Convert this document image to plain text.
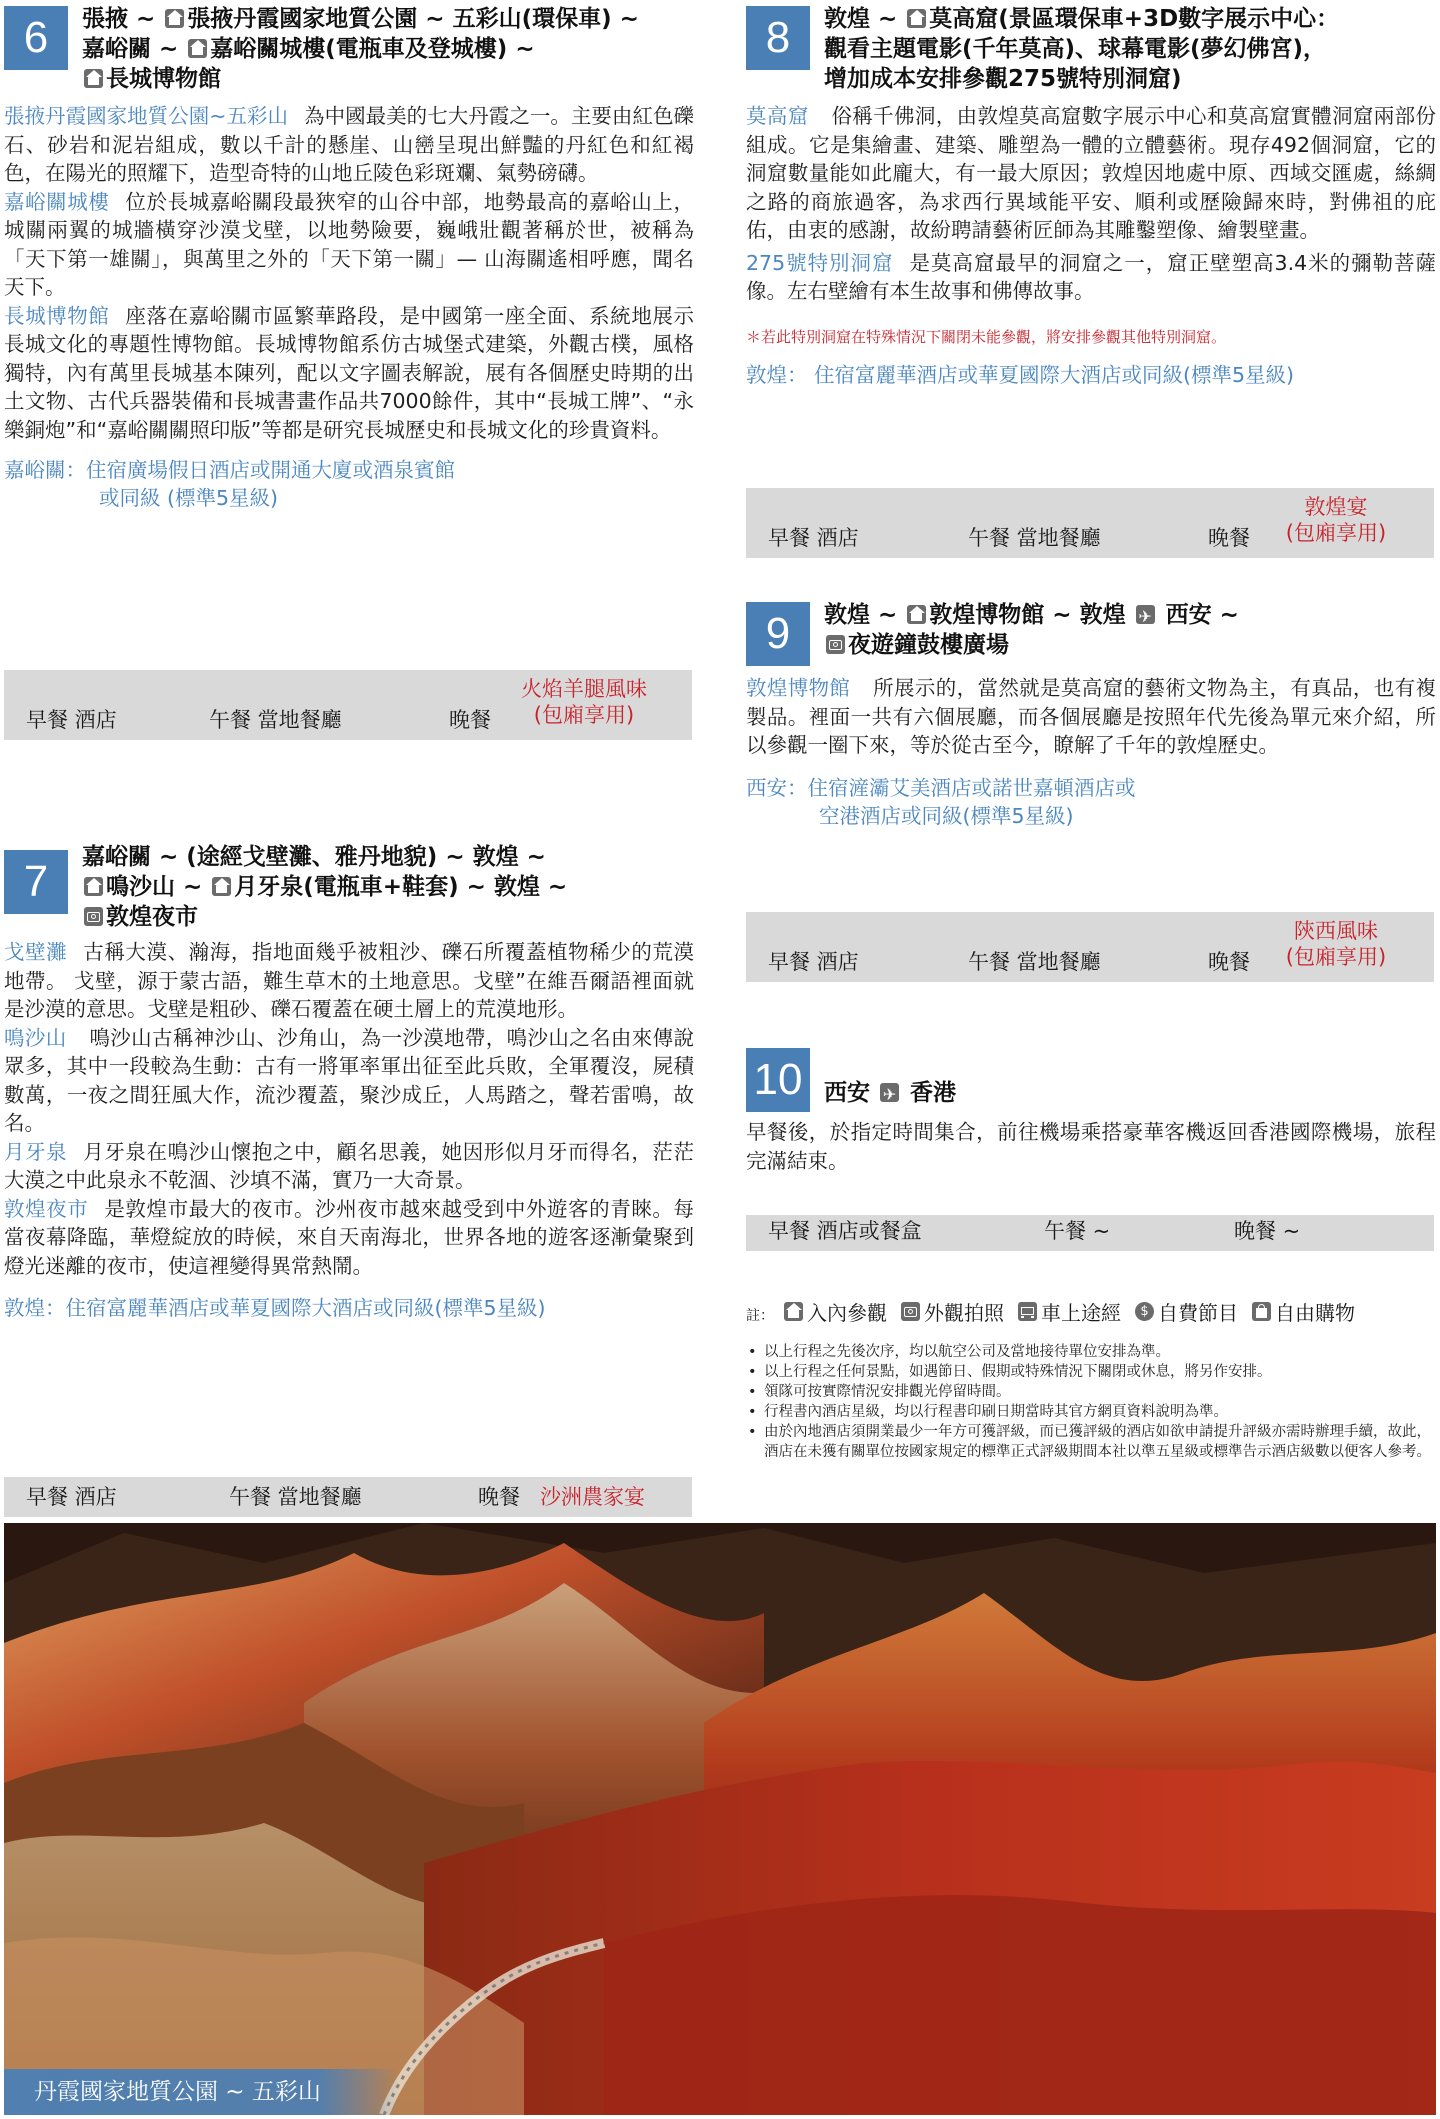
6	張掖 ~ 張掖丹霞國家地質公園 ~ 五彩山(環保車) ~
嘉峪關 ~ 嘉峪關城樓(電瓶車及登城樓) ~
長城博物館

張掖丹霞國家地質公園~五彩山 為中國最美的七大丹霞之一。主要由紅色礫石、砂岩和泥岩組成，數以千計的懸崖、山巒呈現出鮮豔的丹紅色和紅褐色，在陽光的照耀下，造型奇特的山地丘陵色彩斑斕、氣勢磅礴。

嘉峪關城樓 位於長城嘉峪關段最狹窄的山谷中部，地勢最高的嘉峪山上，城關兩翼的城牆橫穿沙漠戈壁，以地勢險要，巍峨壯觀著稱於世，被稱為「天下第一雄關」，與萬里之外的「天下第一關」— 山海關遙相呼應，聞名天下。

長城博物館 座落在嘉峪關市區繁華路段，是中國第一座全面、系統地展示長城文化的專題性博物館。長城博物館系仿古城堡式建築，外觀古樸，風格獨特，內有萬里長城基本陳列，配以文字圖表解說，展有各個歷史時期的出土文物、古代兵器裝備和長城書畫作品共7000餘件，其中“長城工牌”、“永樂銅炮”和“嘉峪關關照印版”等都是研究長城歷史和長城文化的珍貴資料。

嘉峪關：住宿廣場假日酒店或開通大廈或酒泉賓館
或同級 (標準5星級)
早餐 酒店	午餐 當地餐廳	晚餐
火焰羊腿風味
(包廂享用)
7	嘉峪關 ~ (途經戈壁灘、雅丹地貌) ~ 敦煌 ~
鳴沙山 ~ 月牙泉(電瓶車+鞋套) ~ 敦煌 ~
敦煌夜市

戈壁灘 古稱大漠、瀚海，指地面幾乎被粗沙、礫石所覆蓋植物稀少的荒漠地帶。 戈壁，源于蒙古語，難生草木的土地意思。戈壁”在維吾爾語裡面就是沙漠的意思。戈壁是粗砂、礫石覆蓋在硬土層上的荒漠地形。

鳴沙山 鳴沙山古稱神沙山、沙角山，為一沙漠地帶，鳴沙山之名由來傳說眾多，其中一段較為生動：古有一將軍率軍出征至此兵敗，全軍覆沒，屍積數萬，一夜之間狂風大作，流沙覆蓋，聚沙成丘，人馬踏之，聲若雷鳴，故名。

月牙泉 月牙泉在鳴沙山懷抱之中，顧名思義，她因形似月牙而得名，茫茫大漠之中此泉永不乾涸、沙填不滿，實乃一大奇景。

敦煌夜市 是敦煌市最大的夜市。沙州夜市越來越受到中外遊客的青睞。每當夜幕降臨，華燈綻放的時候，來自天南海北，世界各地的遊客逐漸彙聚到燈光迷離的夜市，使這裡變得異常熱鬧。

敦煌：住宿富麗華酒店或華夏國際大酒店或同級(標準5星級)
早餐 酒店	午餐 當地餐廳	晚餐 沙洲農家宴
8	敦煌 ~ 莫高窟(景區環保車+3D數字展示中心：
觀看主題電影(千年莫高)、球幕電影(夢幻佛宮)，
增加成本安排參觀275號特別洞窟)

莫高窟 俗稱千佛洞，由敦煌莫高窟數字展示中心和莫高窟實體洞窟兩部份組成。它是集繪畫、建築、雕塑為一體的立體藝術。現存492個洞窟，它的洞窟數量能如此龐大，有一最大原因；敦煌因地處中原、西域交匯處，絲綢之路的商旅過客，為求西行異域能平安、順利或歷險歸來時，對佛祖的庇佑，由衷的感謝，故紛聘請藝術匠師為其雕鑿塑像、繪製壁畫。

275號特別洞窟 是莫高窟最早的洞窟之一，窟正壁塑高3.4米的彌勒菩薩像。左右壁繪有本生故事和佛傳故事。

＊若此特別洞窟在特殊情況下關閉未能參觀，將安排參觀其他特別洞窟。
敦煌： 住宿富麗華酒店或華夏國際大酒店或同級(標準5星級)
早餐 酒店	午餐 當地餐廳	晚餐
敦煌宴
(包廂享用)
9	敦煌 ~ 敦煌博物館 ~ 敦煌 ✈ 西安 ~
夜遊鐘鼓樓廣場

敦煌博物館 所展示的，當然就是莫高窟的藝術文物為主，有真品，也有複製品。裡面一共有六個展廳，而各個展廳是按照年代先後為單元來介紹，所以參觀一圈下來，等於從古至今，瞭解了千年的敦煌歷史。

西安：住宿滻灞艾美酒店或諾世嘉頓酒店或
空港酒店或同級(標準5星級)
早餐 酒店	午餐 當地餐廳	晚餐
陝西風味
(包廂享用)
10 西安 ✈ 香港

早餐後，於指定時間集合，前往機場乘搭豪華客機返回香港國際機場，旅程完滿結束。

早餐 酒店或餐盒	午餐 ~	晚餐 ~
註： 入內參觀 外觀拍照 車上途經
$ 自費節目 自由購物
• 以上行程之先後次序，均以航空公司及當地接待單位安排為準。
• 以上行程之任何景點，如遇節日、假期或特殊情況下關閉或休息，將另作安排。
• 領隊可按實際情況安排觀光停留時間。
• 行程書內酒店星級，均以行程書印刷日期當時其官方網頁資料說明為準。
• 由於內地酒店須開業最少一年方可獲評級，而已獲評級的酒店如欲申請提升評級亦需時辦理手續，故此，酒店在未獲有關單位按國家規定的標準正式評級期間本社以準五星級或標準告示酒店級數以便客人參考。
丹霞國家地質公園 ~ 五彩山
